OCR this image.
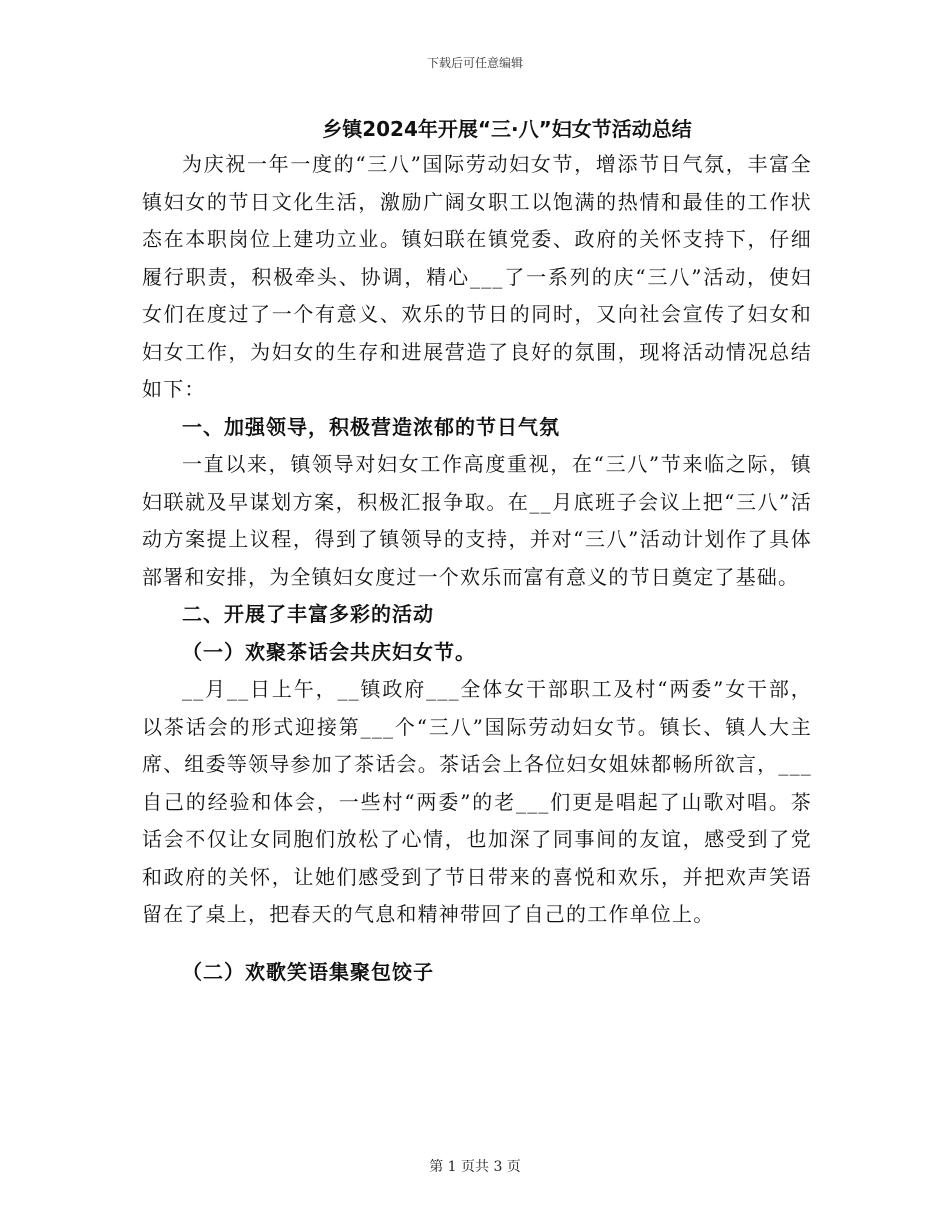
下载后可任意编辑
乡镇2024年开展“三·八”妇女节活动总结

为庆祝一年一度的“三八”国际劳动妇女节，增添节日气氛，丰富全镇妇女的节日文化生活，激励广阔女职工以饱满的热情和最佳的工作状态在本职岗位上建功立业。镇妇联在镇党委、政府的关怀支持下，仔细履行职责，积极牵头、协调，精心___了一系列的庆“三八”活动，使妇女们在度过了一个有意义、欢乐的节日的同时，又向社会宣传了妇女和妇女工作，为妇女的生存和进展营造了良好的氛围，现将活动情况总结如下：

一、加强领导，积极营造浓郁的节日气氛

一直以来，镇领导对妇女工作高度重视，在“三八”节来临之际，镇妇联就及早谋划方案，积极汇报争取。在__月底班子会议上把“三八”活动方案提上议程，得到了镇领导的支持，并对“三八”活动计划作了具体部署和安排，为全镇妇女度过一个欢乐而富有意义的节日奠定了基础。

二、开展了丰富多彩的活动

（一）欢聚茶话会共庆妇女节。

__月__日上午，__镇政府___全体女干部职工及村“两委”女干部，以茶话会的形式迎接第___个“三八”国际劳动妇女节。镇长、镇人大主席、组委等领导参加了茶话会。茶话会上各位妇女姐妹都畅所欲言，___自己的经验和体会，一些村“两委”的老___们更是唱起了山歌对唱。茶话会不仅让女同胞们放松了心情，也加深了同事间的友谊，感受到了党和政府的关怀，让她们感受到了节日带来的喜悦和欢乐，并把欢声笑语留在了桌上，把春天的气息和精神带回了自己的工作单位上。

（二）欢歌笑语集聚包饺子

第 1 页共 3 页
